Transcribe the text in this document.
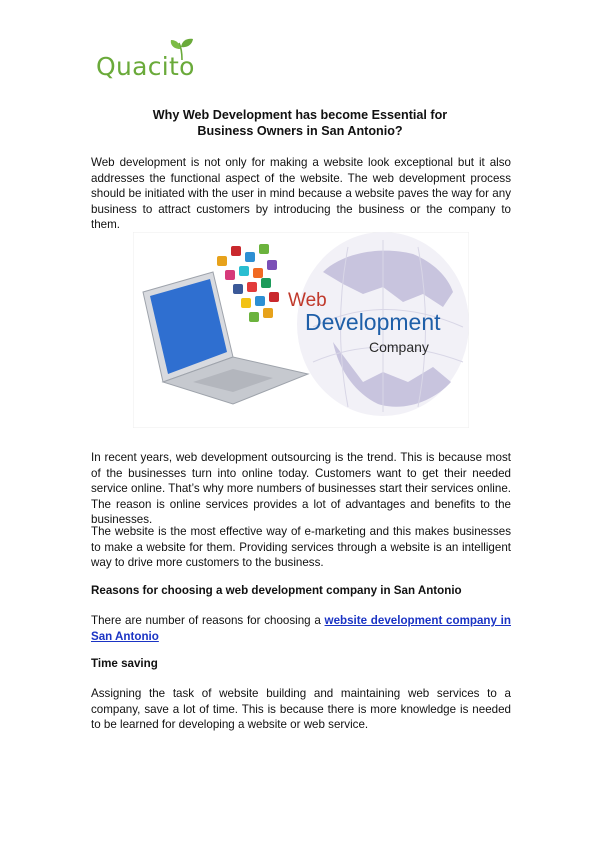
Quacito
Why Web Development has become Essential for
Business Owners in San Antonio?
Web development is not only for making a website look exceptional but it also addresses the functional aspect of the website. The web development process should be initiated with the user in mind because a website paves the way for any business to attract customers by introducing the business or the company to them.
Web
Development
Company
In recent years, web development outsourcing is the trend. This is because most of the businesses turn into online today. Customers want to get their needed service online. That’s why more numbers of businesses start their services online. The reason is online services provides a lot of advantages and benefits to the businesses.
The website is the most effective way of e-marketing and this makes businesses to make a website for them. Providing services through a website is an intelligent way to drive more customers to the business.
Reasons for choosing a web development company in San Antonio
There are number of reasons for choosing a website development company in San Antonio
Time saving
Assigning the task of website building and maintaining web services to a company, save a lot of time. This is because there is more knowledge is needed to be learned for developing a website or web service.
